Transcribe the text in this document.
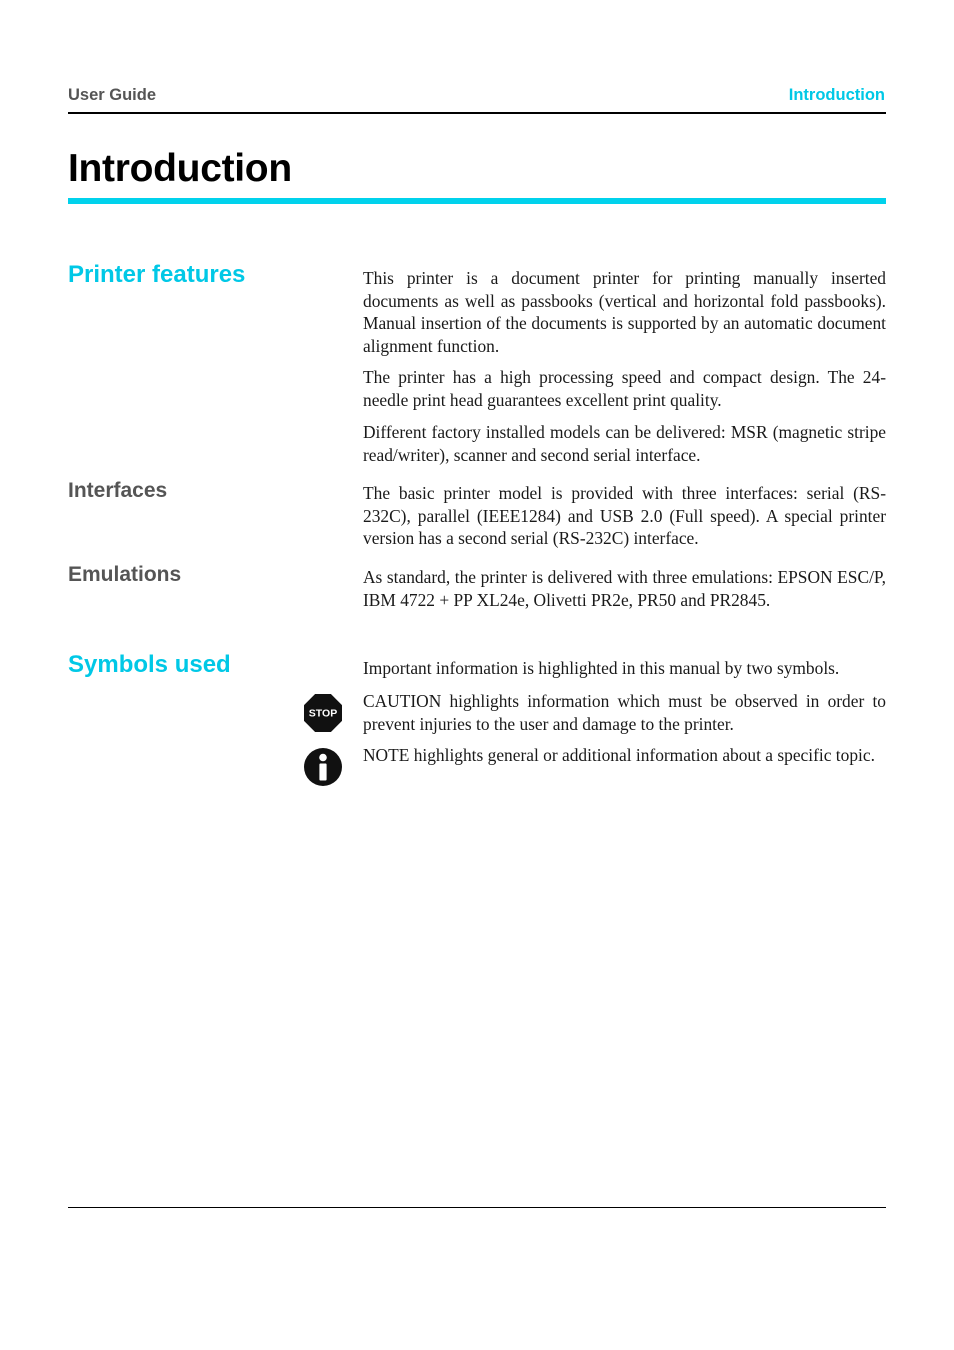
User Guide	Introduction
Introduction
Printer features	This printer is a document printer for printing manually inserted documents as well as passbooks (vertical and horizontal fold passbooks). Manual insertion of the documents is supported by an automatic document alignment function.

The printer has a high processing speed and compact design. The 24-needle print head guarantees excellent print quality.

Different factory installed models can be delivered: MSR (magnetic stripe read/writer), scanner and second serial interface.

Interfaces	The basic printer model is provided with three interfaces: serial (RS-232C), parallel (IEEE1284) and USB 2.0 (Full speed). A special printer version has a second serial (RS-232C) interface.

Emulations	As standard, the printer is delivered with three emulations: EPSON ESC/P, IBM 4722 + PP XL24e, Olivetti PR2e, PR50 and PR2845.

Symbols used	Important information is highlighted in this manual by two symbols.

STOP

CAUTION highlights information which must be observed in order to prevent injuries to the user and damage to the printer.

NOTE highlights general or additional information about a specific topic.
